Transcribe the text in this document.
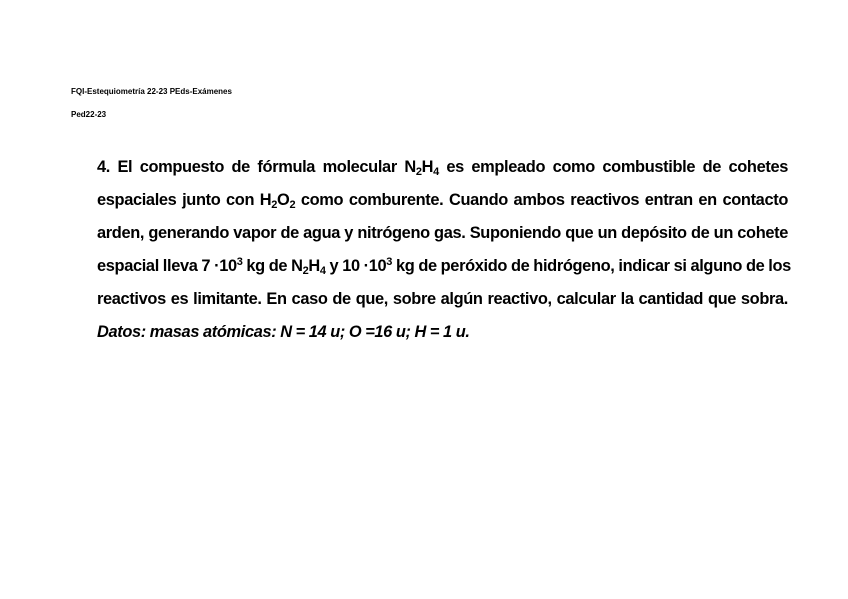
FQI-Estequiometría 22-23 PEds-Exámenes
Ped22-23
4. El compuesto de fórmula molecular $N_2H_4$ es empleado como combustible de cohetes
espaciales junto con $H_2O_2$ como comburente. Cuando ambos reactivos entran en contacto
arden, generando vapor de agua y nitrógeno gas. Suponiendo que un depósito de un cohete
espacial lleva $7 \cdot 10^3$ kg de $N_2H_4$ y $10 \cdot 10^3$ kg de peróxido de hidrógeno, indicar si alguno de los
reactivos es limitante. En caso de que, sobre algún reactivo, calcular la cantidad que sobra.
Datos: masas atómicas: N = 14 u; O =16 u; H = 1 u.
